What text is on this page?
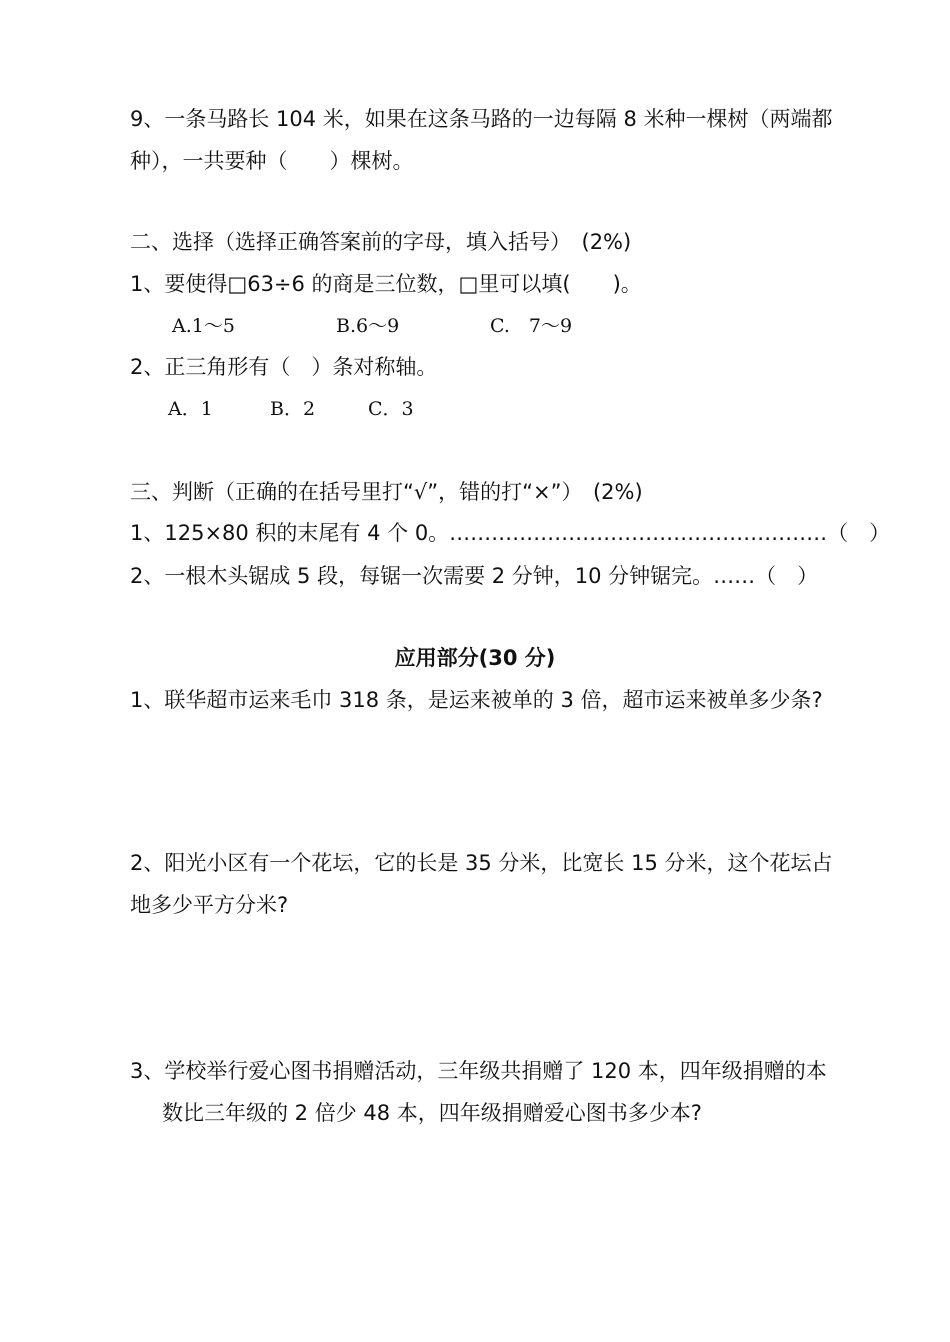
9、一条马路长 104 米，如果在这条马路的一边每隔 8 米种一棵树（两端都
种），一共要种（　　）棵树。
二、选择（选择正确答案前的字母，填入括号）　(2%)
1、要使得□63÷6 的商是三位数，□里可以填(　　)。
A.1～5	B.6～9	C.　7～9
2、正三角形有（　）条对称轴。
A．1	B．2	C．3
三、判断（正确的在括号里打“√”，错的打“×”）　(2%)
1、125×80 积的末尾有 4 个 0。………………………………………………（　）
2、一根木头锯成 5 段，每锯一次需要 2 分钟，10 分钟锯完。……（　）
应用部分(30 分)
1、联华超市运来毛巾 318 条，是运来被单的 3 倍，超市运来被单多少条?
2、阳光小区有一个花坛，它的长是 35 分米，比宽长 15 分米，这个花坛占
地多少平方分米?
3、学校举行爱心图书捐赠活动，三年级共捐赠了 120 本，四年级捐赠的本
数比三年级的 2 倍少 48 本，四年级捐赠爱心图书多少本?
